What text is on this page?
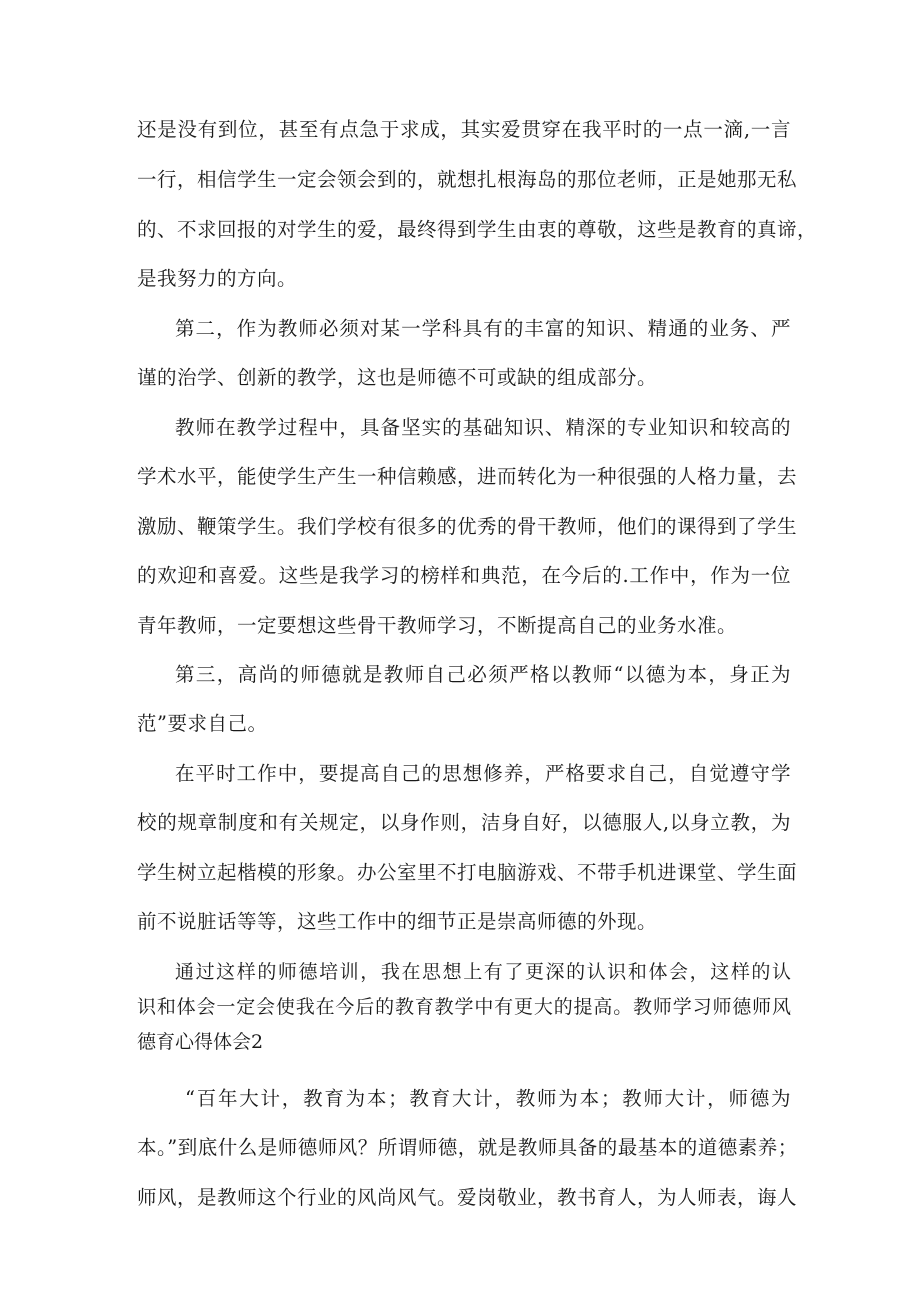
还是没有到位，甚至有点急于求成，其实爱贯穿在我平时的一点一滴,一言
一行，相信学生一定会领会到的，就想扎根海岛的那位老师，正是她那无私
的、不求回报的对学生的爱，最终得到学生由衷的尊敬，这些是教育的真谛，
是我努力的方向。
第二，作为教师必须对某一学科具有的丰富的知识、精通的业务、严
谨的治学、创新的教学，这也是师德不可或缺的组成部分。
教师在教学过程中，具备坚实的基础知识、精深的专业知识和较高的
学术水平，能使学生产生一种信赖感，进而转化为一种很强的人格力量，去
激励、鞭策学生。我们学校有很多的优秀的骨干教师，他们的课得到了学生
的欢迎和喜爱。这些是我学习的榜样和典范，在今后的.工作中，作为一位
青年教师，一定要想这些骨干教师学习，不断提高自己的业务水准。
第三，高尚的师德就是教师自己必须严格以教师“以德为本，身正为
范”要求自己。
在平时工作中，要提高自己的思想修养，严格要求自己，自觉遵守学
校的规章制度和有关规定，以身作则，洁身自好，以德服人,以身立教，为
学生树立起楷模的形象。办公室里不打电脑游戏、不带手机进课堂、学生面
前不说脏话等等，这些工作中的细节正是崇高师德的外现。
通过这样的师德培训，我在思想上有了更深的认识和体会，这样的认
识和体会一定会使我在今后的教育教学中有更大的提高。教师学习师德师风
德育心得体会2
“百年大计，教育为本；教育大计，教师为本；教师大计，师德为
本。”到底什么是师德师风？所谓师德，就是教师具备的最基本的道德素养；
师风，是教师这个行业的风尚风气。爱岗敬业，教书育人，为人师表，诲人
